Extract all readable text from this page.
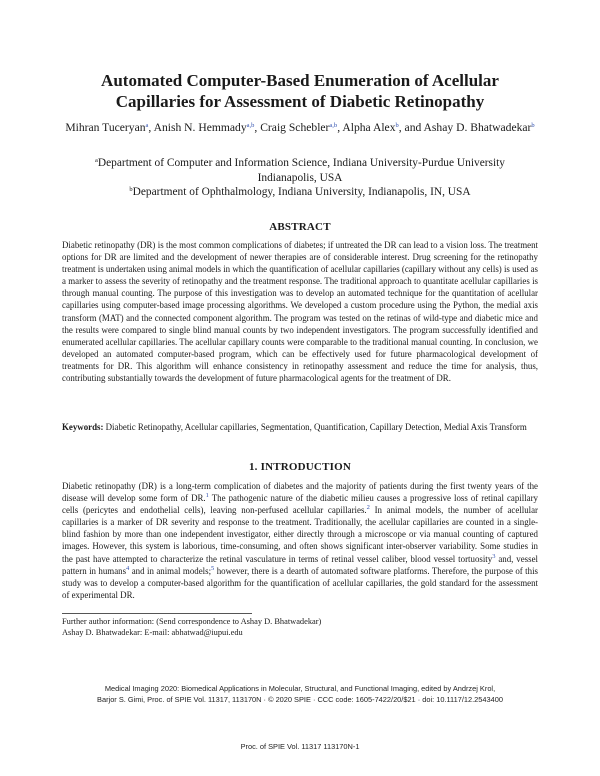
Automated Computer-Based Enumeration of Acellular
Capillaries for Assessment of Diabetic Retinopathy
Mihran Tuceryan$^a$, Anish N. Hemmady$^{a,b}$, Craig Schebler$^{a,b}$, Alpha Alex$^b$, and Ashay D. Bhatwadekar$^b$
$^a$Department of Computer and Information Science, Indiana University-Purdue University
Indianapolis, USA
$^b$Department of Ophthalmology, Indiana University, Indianapolis, IN, USA
ABSTRACT

Diabetic retinopathy (DR) is the most common complications of diabetes; if untreated the DR can lead to a vision loss. The treatment options for DR are limited and the development of newer therapies are of considerable interest. Drug screening for the retinopathy treatment is undertaken using animal models in which the quantification of acellular capillaries (capillary without any cells) is used as a marker to assess the severity of retinopathy and the treatment response. The traditional approach to quantitate acellular capillaries is through manual counting. The purpose of this investigation was to develop an automated technique for the quantitation of acellular capillaries using computer-based image processing algorithms. We developed a custom procedure using the Python, the medial axis transform (MAT) and the connected component algorithm. The program was tested on the retinas of wild-type and diabetic mice and the results were compared to single blind manual counts by two independent investigators. The program successfully identified and enumerated acellular capillaries. The acellular capillary counts were comparable to the traditional manual counting. In conclusion, we developed an automated computer-based program, which can be effectively used for future pharmacological development of treatments for DR. This algorithm will enhance consistency in retinopathy assessment and reduce the time for analysis, thus, contributing substantially towards the development of future pharmacological agents for the treatment of DR.

Keywords: Diabetic Retinopathy, Acellular capillaries, Segmentation, Quantification, Capillary Detection, Medial Axis Transform

1. INTRODUCTION

Diabetic retinopathy (DR) is a long-term complication of diabetes and the majority of patients during the first twenty years of the disease will develop some form of DR.$^1$ The pathogenic nature of the diabetic milieu causes a progressive loss of retinal capillary cells (pericytes and endothelial cells), leaving non-perfused acellular capillaries.$^2$ In animal models, the number of acellular capillaries is a marker of DR severity and response to the treatment. Traditionally, the acellular capillaries are counted in a single-blind fashion by more than one independent investigator, either directly through a microscope or via manual counting of captured images. However, this system is laborious, time-consuming, and often shows significant inter-observer variability. Some studies in the past have attempted to characterize the retinal vasculature in terms of retinal vessel caliber, blood vessel tortuosity$^3$ and, vessel pattern in humans$^4$ and in animal models;$^5$ however, there is a dearth of automated software platforms. Therefore, the purpose of this study was to develop a computer-based algorithm for the quantification of acellular capillaries, the gold standard for the assessment of experimental DR.

Further author information: (Send correspondence to Ashay D. Bhatwadekar)
Ashay D. Bhatwadekar: E-mail: abhatwad@iupui.edu
Medical Imaging 2020: Biomedical Applications in Molecular, Structural, and Functional Imaging, edited by Andrzej Krol,
Barjor S. Gimi, Proc. of SPIE Vol. 11317, 113170N · © 2020 SPIE · CCC code: 1605-7422/20/$21 · doi: 10.1117/12.2543400
Proc. of SPIE Vol. 11317 113170N-1
